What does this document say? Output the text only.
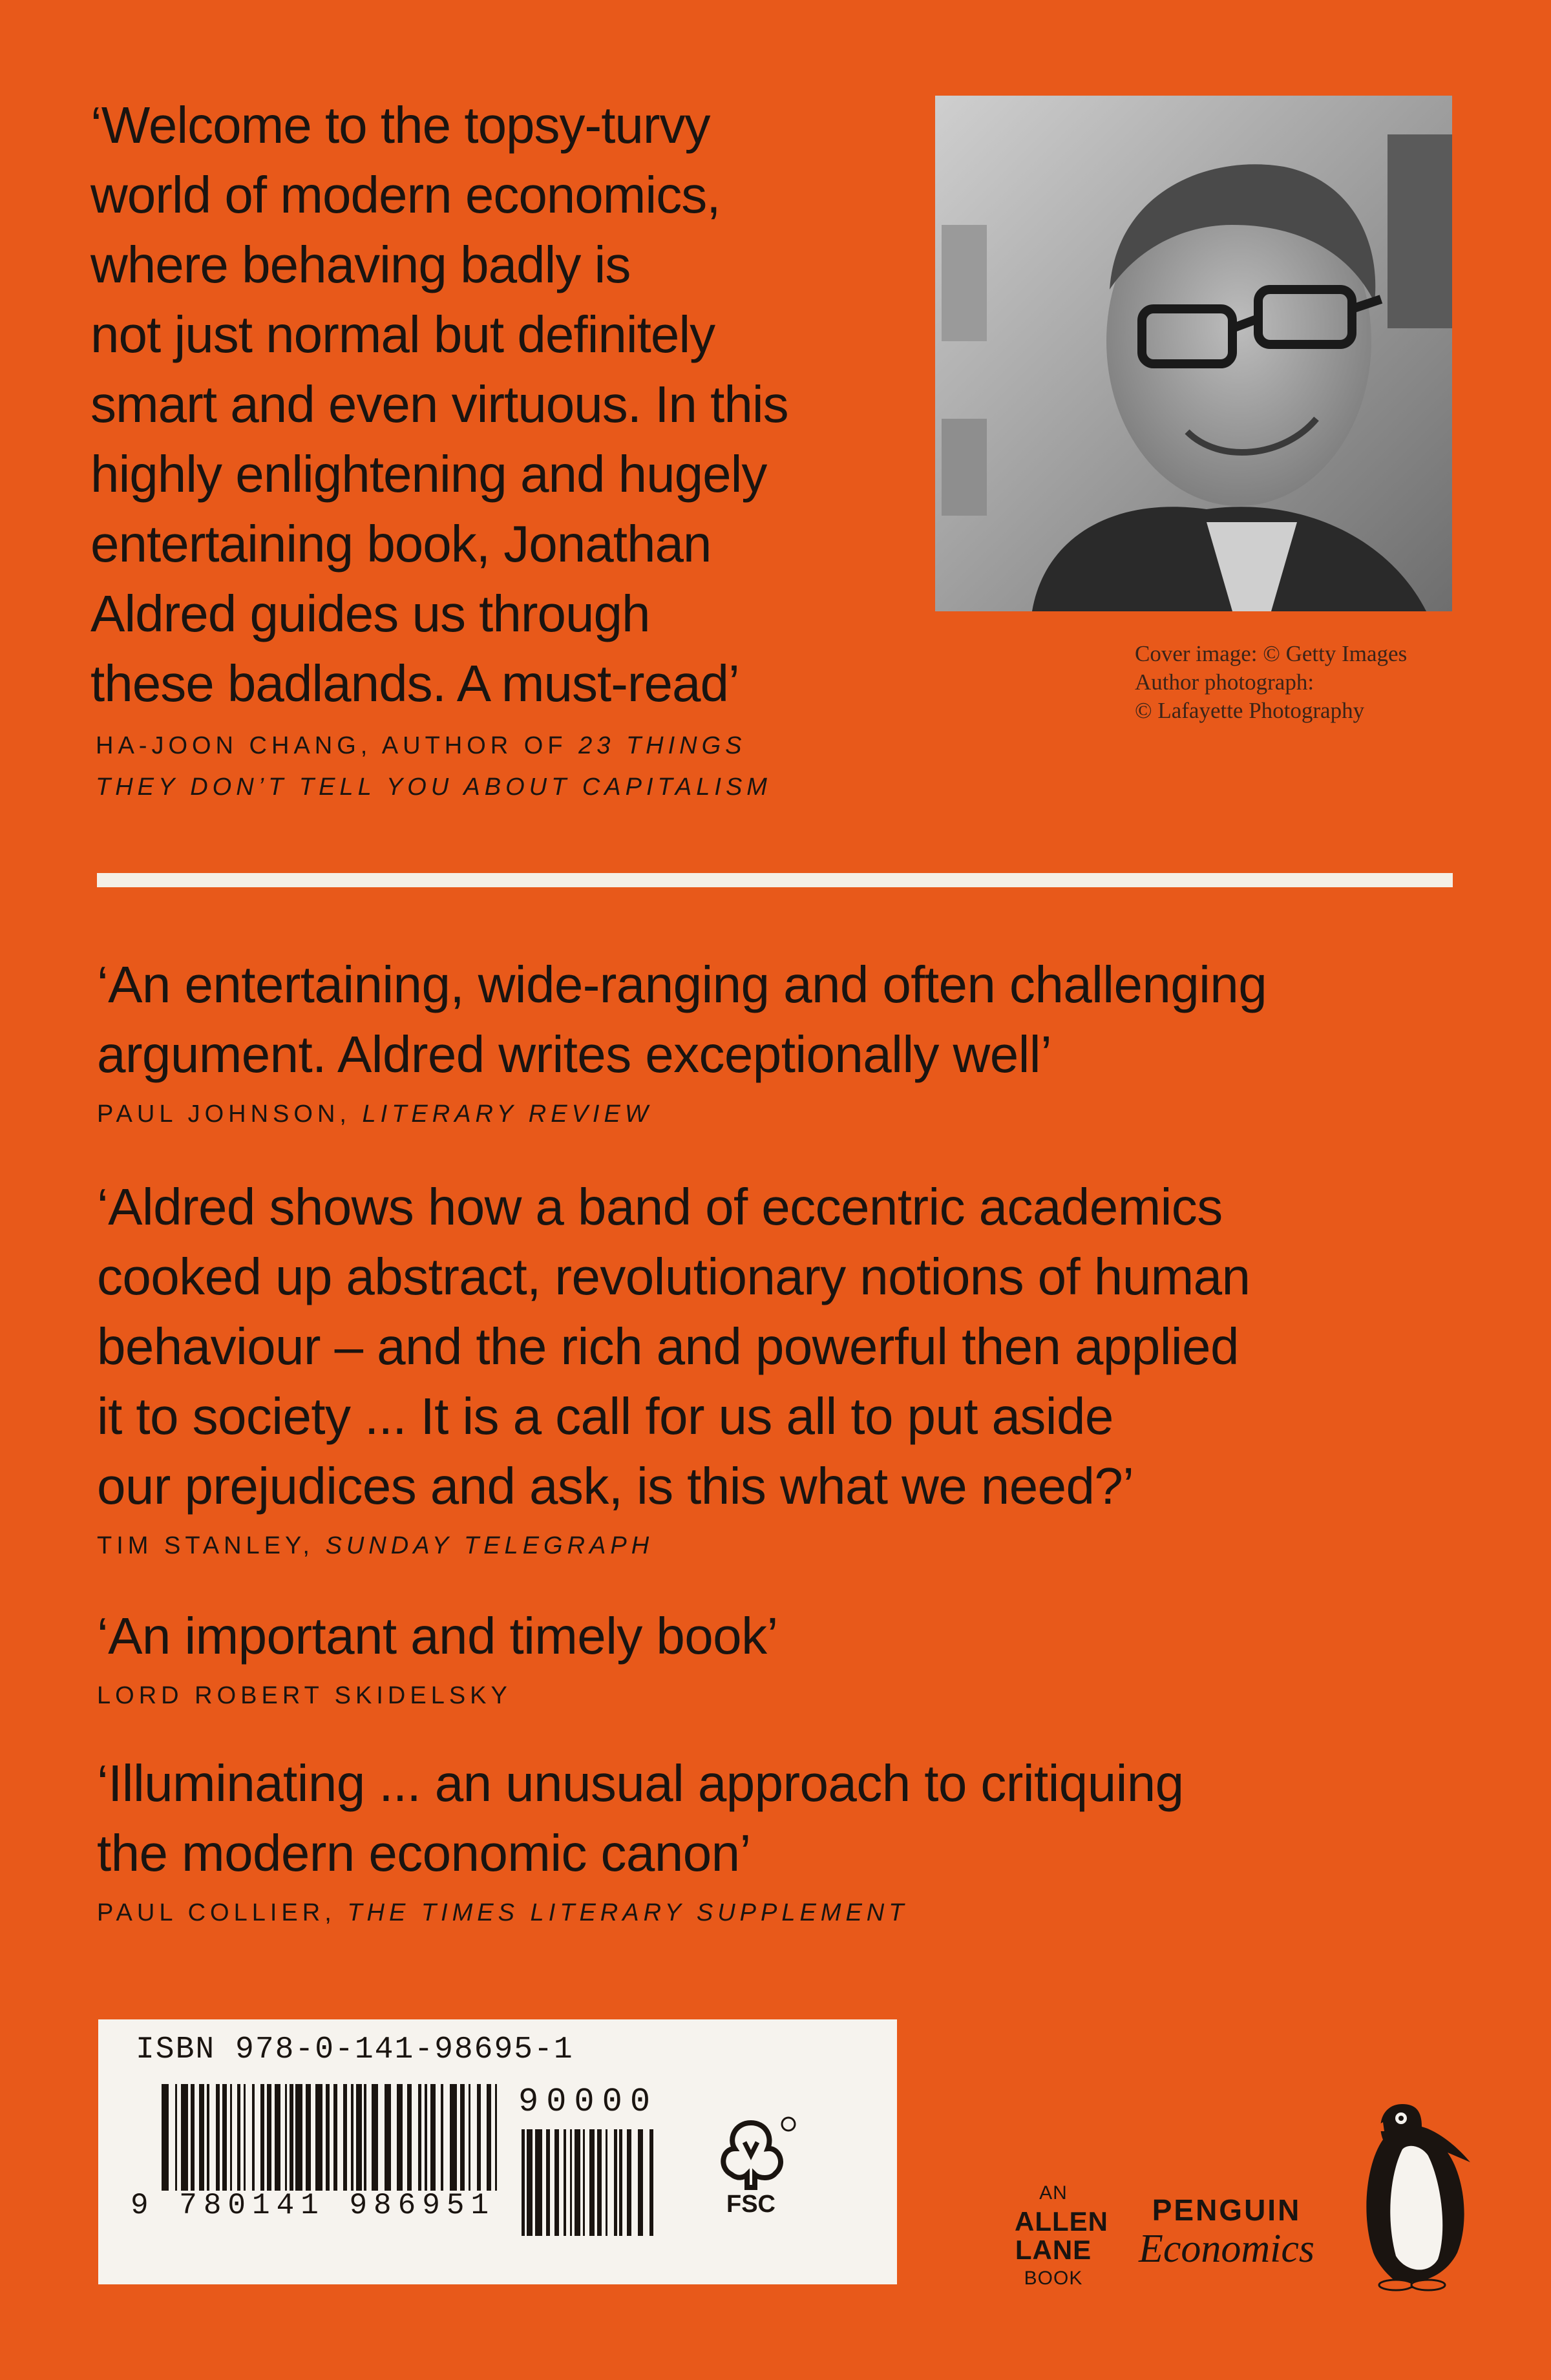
‘Welcome to the topsy-turvy
world of modern economics,
where behaving badly is
not just normal but definitely
smart and even virtuous. In this
highly enlightening and hugely
entertaining book, Jonathan
Aldred guides us through
these badlands. A must-read’
HA-JOON CHANG, AUTHOR OF 23 THINGS
THEY DON’T TELL YOU ABOUT CAPITALISM
Cover image: © Getty Images
Author photograph:
© Lafayette Photography
‘An entertaining, wide-ranging and often challenging
argument. Aldred writes exceptionally well’
PAUL JOHNSON, LITERARY REVIEW
‘Aldred shows how a band of eccentric academics
cooked up abstract, revolutionary notions of human
behaviour – and the rich and powerful then applied
it to society ... It is a call for us all to put aside
our prejudices and ask, is this what we need?’
TIM STANLEY, SUNDAY TELEGRAPH
‘An important and timely book’
LORD ROBERT SKIDELSKY
‘Illuminating ... an unusual approach to critiquing
the modern economic canon’
PAUL COLLIER, THE TIMES LITERARY SUPPLEMENT
ISBN 978-0-141-98695-1
90000
9 780141 986951	FSC	AN
ALLEN
LANE
BOOK
PENGUIN
Economics
